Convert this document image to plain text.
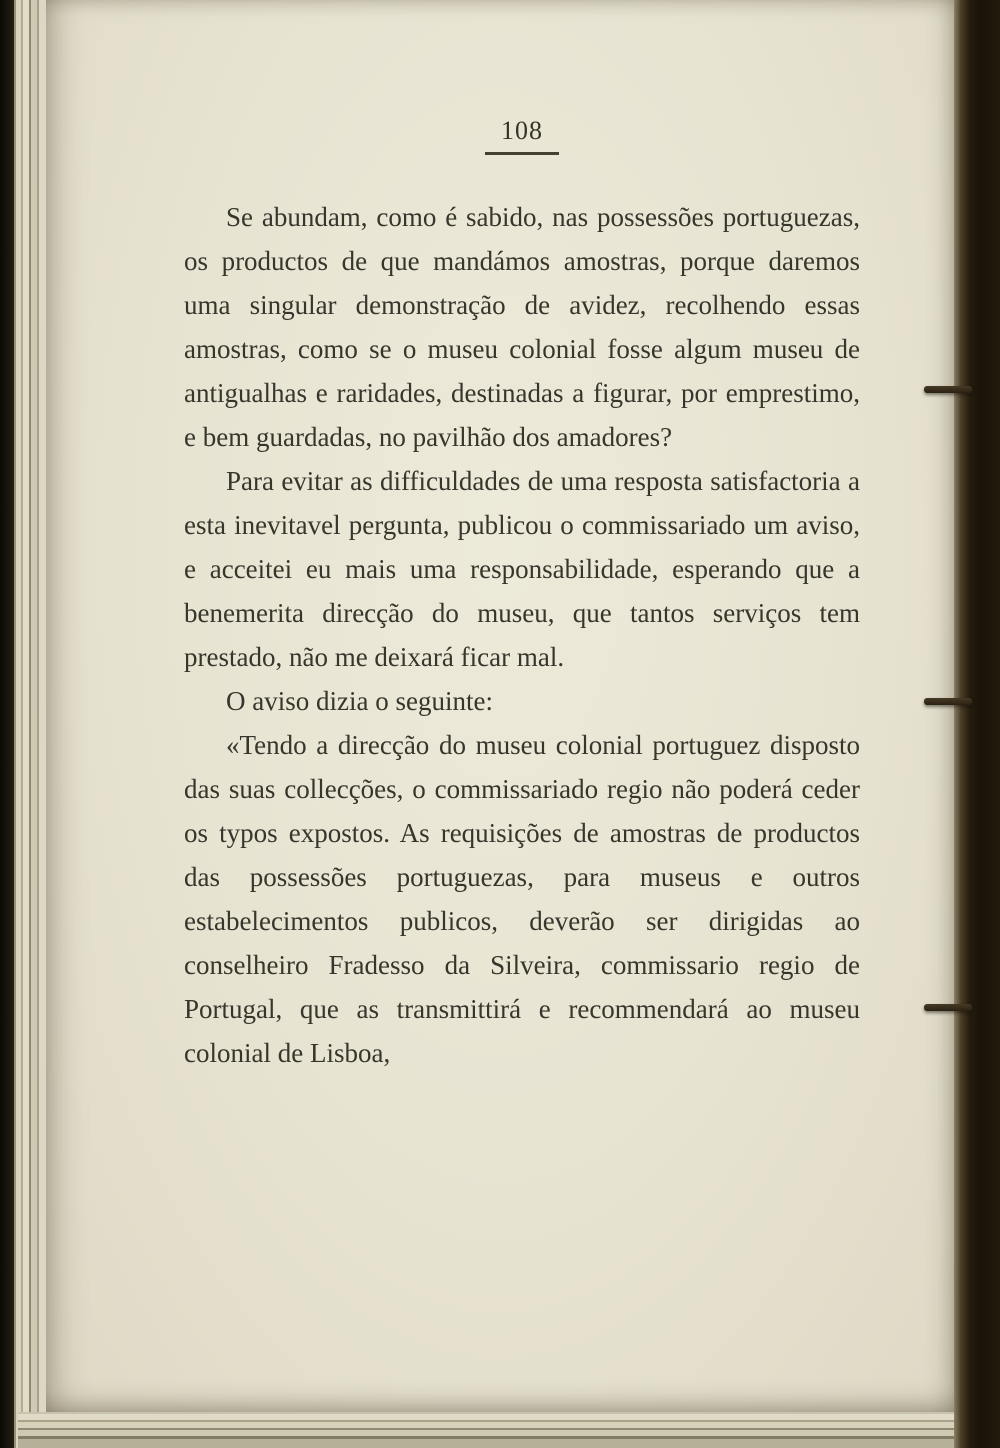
108

Se abundam, como é sabido, nas possessões portuguezas, os productos de que mandámos amostras, porque daremos uma singular demonstração de avidez, recolhendo essas amostras, como se o museu colonial fosse algum museu de antigualhas e raridades, destinadas a figurar, por emprestimo, e bem guardadas, no pavilhão dos amadores?

Para evitar as difficuldades de uma resposta satisfactoria a esta inevitavel pergunta, publicou o commissariado um aviso, e acceitei eu mais uma responsabilidade, esperando que a benemerita direcção do museu, que tantos serviços tem prestado, não me deixará ficar mal.

O aviso dizia o seguinte:

«Tendo a direcção do museu colonial portuguez disposto das suas collecções, o commissariado regio não poderá ceder os typos expostos. As requisições de amostras de productos das possessões portuguezas, para museus e outros estabelecimentos publicos, deverão ser dirigidas ao conselheiro Fradesso da Silveira, commissario regio de Portugal, que as transmittirá e recommendará ao museu colonial de Lisboa,
